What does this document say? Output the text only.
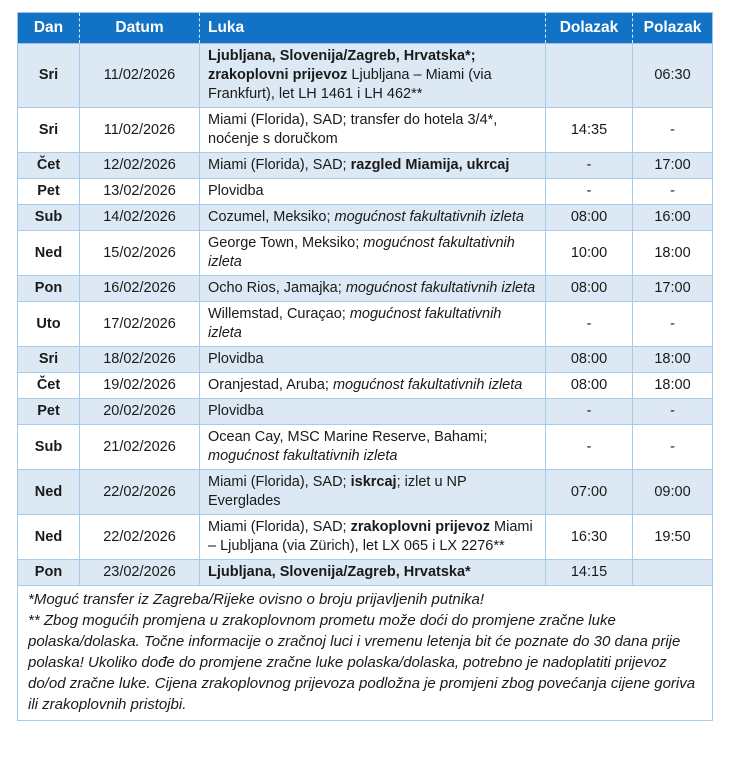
Dan	Datum	Luka	Dolazak	Polazak
Sri	11/02/2026	Ljubljana, Slovenija/Zagreb, Hrvatska*; zrakoplovni prijevoz Ljubljana – Miami (via Frankfurt), let LH 1461 i LH 462**		06:30
Sri	11/02/2026	Miami (Florida), SAD; transfer do hotela 3/4*, noćenje s doručkom	14:35	-
Čet	12/02/2026	Miami (Florida), SAD; razgled Miamija, ukrcaj	-	17:00
Pet	13/02/2026	Plovidba	-	-
Sub	14/02/2026	Cozumel, Meksiko; mogućnost fakultativnih izleta	08:00	16:00
Ned	15/02/2026	George Town, Meksiko; mogućnost fakultativnih izleta	10:00	18:00
Pon	16/02/2026	Ocho Rios, Jamajka; mogućnost fakultativnih izleta	08:00	17:00
Uto	17/02/2026	Willemstad, Curaçao; mogućnost fakultativnih izleta	-	-
Sri	18/02/2026	Plovidba	08:00	18:00
Čet	19/02/2026	Oranjestad, Aruba; mogućnost fakultativnih izleta	08:00	18:00
Pet	20/02/2026	Plovidba	-	-
Sub	21/02/2026	Ocean Cay, MSC Marine Reserve, Bahami; mogućnost fakultativnih izleta	-	-
Ned	22/02/2026	Miami (Florida), SAD; iskrcaj; izlet u NP Everglades	07:00	09:00
Ned	22/02/2026	Miami (Florida), SAD; zrakoplovni prijevoz Miami – Ljubljana (via Zürich), let LX 065 i LX 2276**	16:30	19:50
Pon	23/02/2026	Ljubljana, Slovenija/Zagreb, Hrvatska*	14:15	

*Moguć transfer iz Zagreba/Rijeke ovisno o broju prijavljenih putnika!

** Zbog mogućih promjena u zrakoplovnom prometu može doći do promjene zračne luke polaska/dolaska. Točne informacije o zračnoj luci i vremenu letenja bit će poznate do 30 dana prije polaska! Ukoliko dođe do promjene zračne luke polaska/dolaska, potrebno je nadoplatiti prijevoz do/od zračne luke. Cijena zrakoplovnog prijevoza podložna je promjeni zbog povećanja cijene goriva ili zrakoplovnih pristojbi.				
